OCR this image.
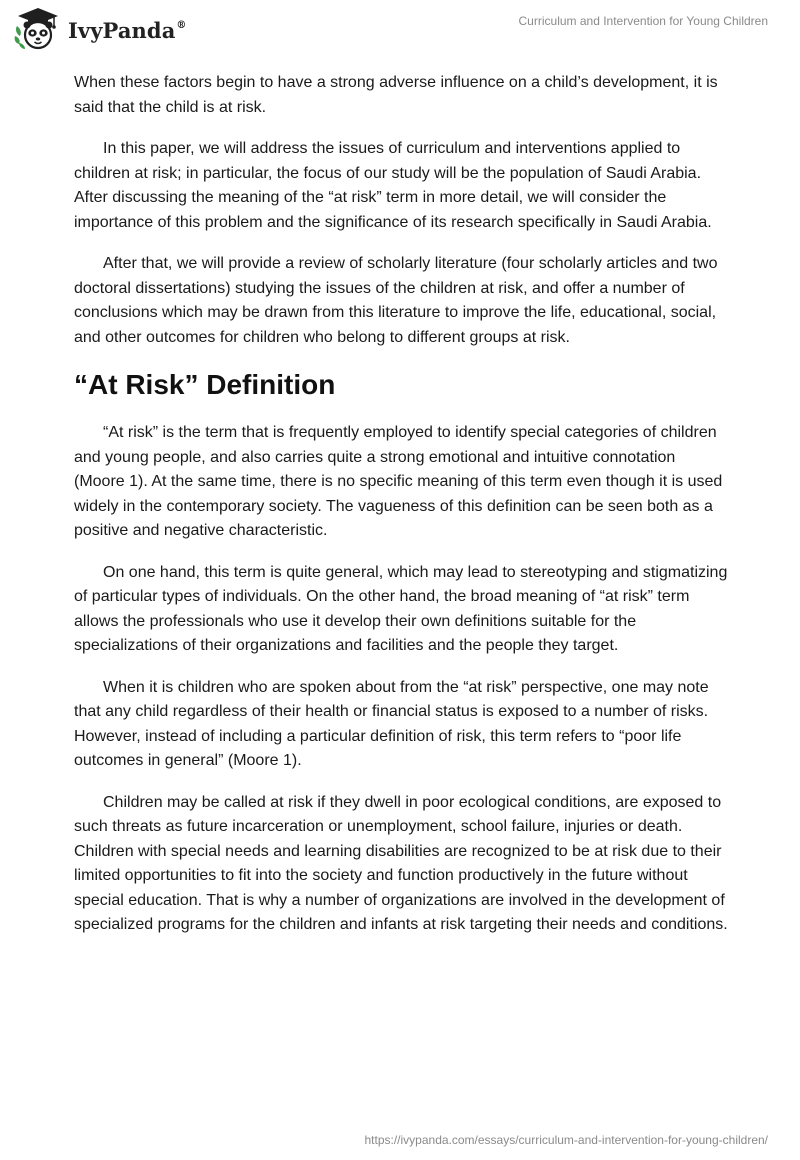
IvyPanda®	Curriculum and Intervention for Young Children

When these factors begin to have a strong adverse influence on a child’s development, it is said that the child is at risk.

In this paper, we will address the issues of curriculum and interventions applied to children at risk; in particular, the focus of our study will be the population of Saudi Arabia. After discussing the meaning of the “at risk” term in more detail, we will consider the importance of this problem and the significance of its research specifically in Saudi Arabia.

After that, we will provide a review of scholarly literature (four scholarly articles and two doctoral dissertations) studying the issues of the children at risk, and offer a number of conclusions which may be drawn from this literature to improve the life, educational, social, and other outcomes for children who belong to different groups at risk.

“At Risk” Definition

“At risk” is the term that is frequently employed to identify special categories of children and young people, and also carries quite a strong emotional and intuitive connotation (Moore 1). At the same time, there is no specific meaning of this term even though it is used widely in the contemporary society. The vagueness of this definition can be seen both as a positive and negative characteristic.

On one hand, this term is quite general, which may lead to stereotyping and stigmatizing of particular types of individuals. On the other hand, the broad meaning of “at risk” term allows the professionals who use it develop their own definitions suitable for the specializations of their organizations and facilities and the people they target.

When it is children who are spoken about from the “at risk” perspective, one may note that any child regardless of their health or financial status is exposed to a number of risks. However, instead of including a particular definition of risk, this term refers to “poor life outcomes in general” (Moore 1).

Children may be called at risk if they dwell in poor ecological conditions, are exposed to such threats as future incarceration or unemployment, school failure, injuries or death. Children with special needs and learning disabilities are recognized to be at risk due to their limited opportunities to fit into the society and function productively in the future without special education. That is why a number of organizations are involved in the development of specialized programs for the children and infants at risk targeting their needs and conditions.

https://ivypanda.com/essays/curriculum-and-intervention-for-young-children/
